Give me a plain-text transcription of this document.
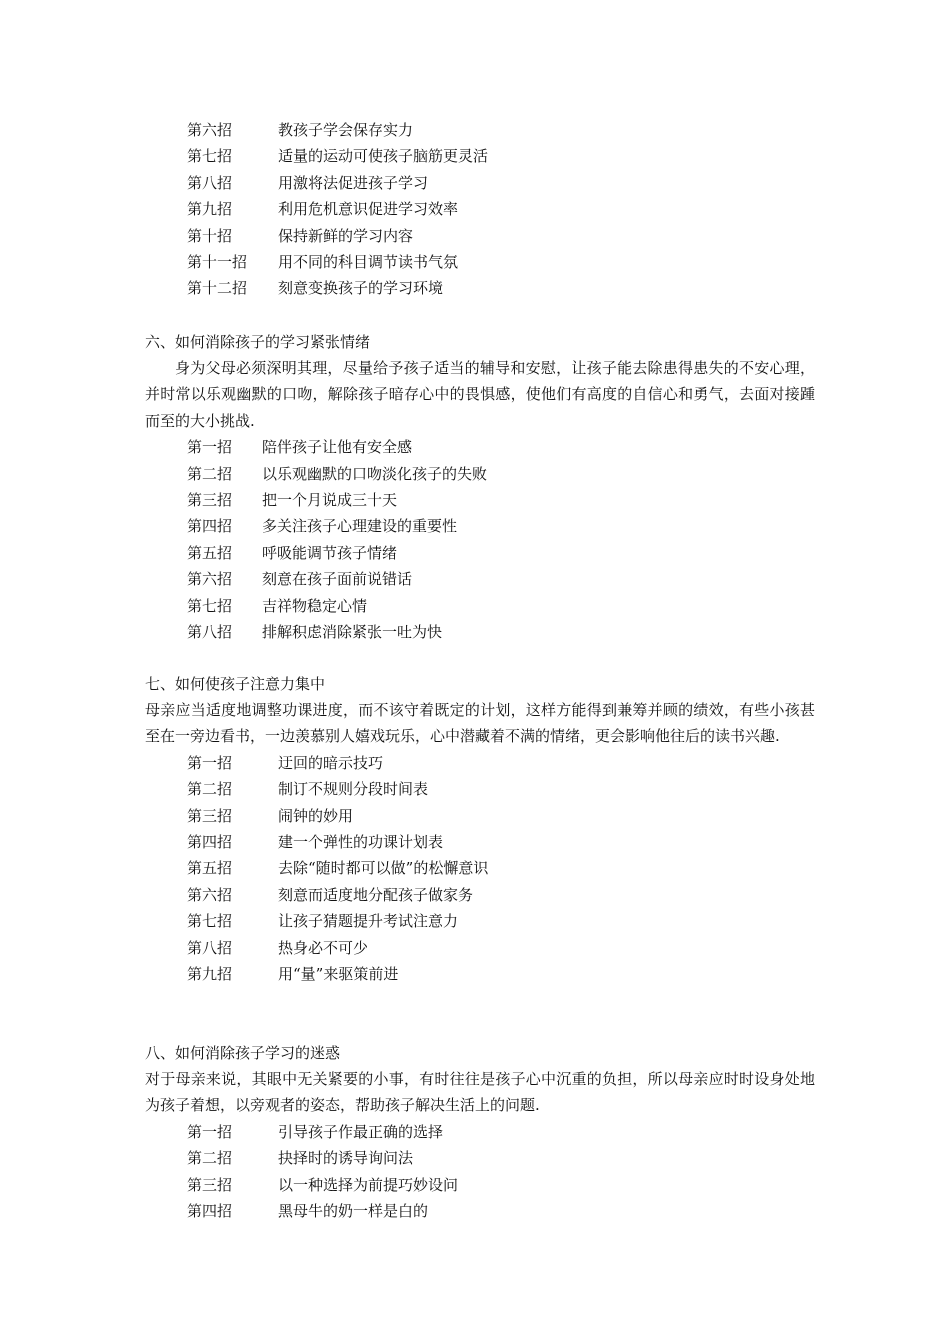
第六招	教孩子学会保存实力
第七招	适量的运动可使孩子脑筋更灵活
第八招	用激将法促进孩子学习
第九招	利用危机意识促进学习效率
第十招	保持新鲜的学习内容
第十一招 用不同的科目调节读书气氛
第十二招 刻意变换孩子的学习环境
六、如何消除孩子的学习紧张情绪

身为父母必须深明其理，尽量给予孩子适当的辅导和安慰，让孩子能去除患得患失的不安心理，并时常以乐观幽默的口吻，解除孩子暗存心中的畏惧感，使他们有高度的自信心和勇气，去面对接踵而至的大小挑战.

第一招 陪伴孩子让他有安全感
第二招 以乐观幽默的口吻淡化孩子的失败
第三招 把一个月说成三十天
第四招 多关注孩子心理建设的重要性
第五招 呼吸能调节孩子情绪
第六招 刻意在孩子面前说错话
第七招 吉祥物稳定心情
第八招 排解积虑消除紧张一吐为快
七、如何使孩子注意力集中

母亲应当适度地调整功课进度，而不该守着既定的计划，这样方能得到兼筹并顾的绩效，有些小孩甚至在一旁边看书，一边羡慕别人嬉戏玩乐，心中潜藏着不满的情绪，更会影响他往后的读书兴趣.

第一招	迂回的暗示技巧
第二招	制订不规则分段时间表
第三招	闹钟的妙用
第四招	建一个弹性的功课计划表
第五招	去除“随时都可以做”的松懈意识
第六招	刻意而适度地分配孩子做家务
第七招	让孩子猜题提升考试注意力
第八招	热身必不可少
第九招	用“量”来驱策前进
八、如何消除孩子学习的迷惑

对于母亲来说，其眼中无关紧要的小事，有时往往是孩子心中沉重的负担，所以母亲应时时设身处地为孩子着想，以旁观者的姿态，帮助孩子解决生活上的问题.

第一招	引导孩子作最正确的选择
第二招	抉择时的诱导询问法
第三招	以一种选择为前提巧妙设问
第四招	黑母牛的奶一样是白的
